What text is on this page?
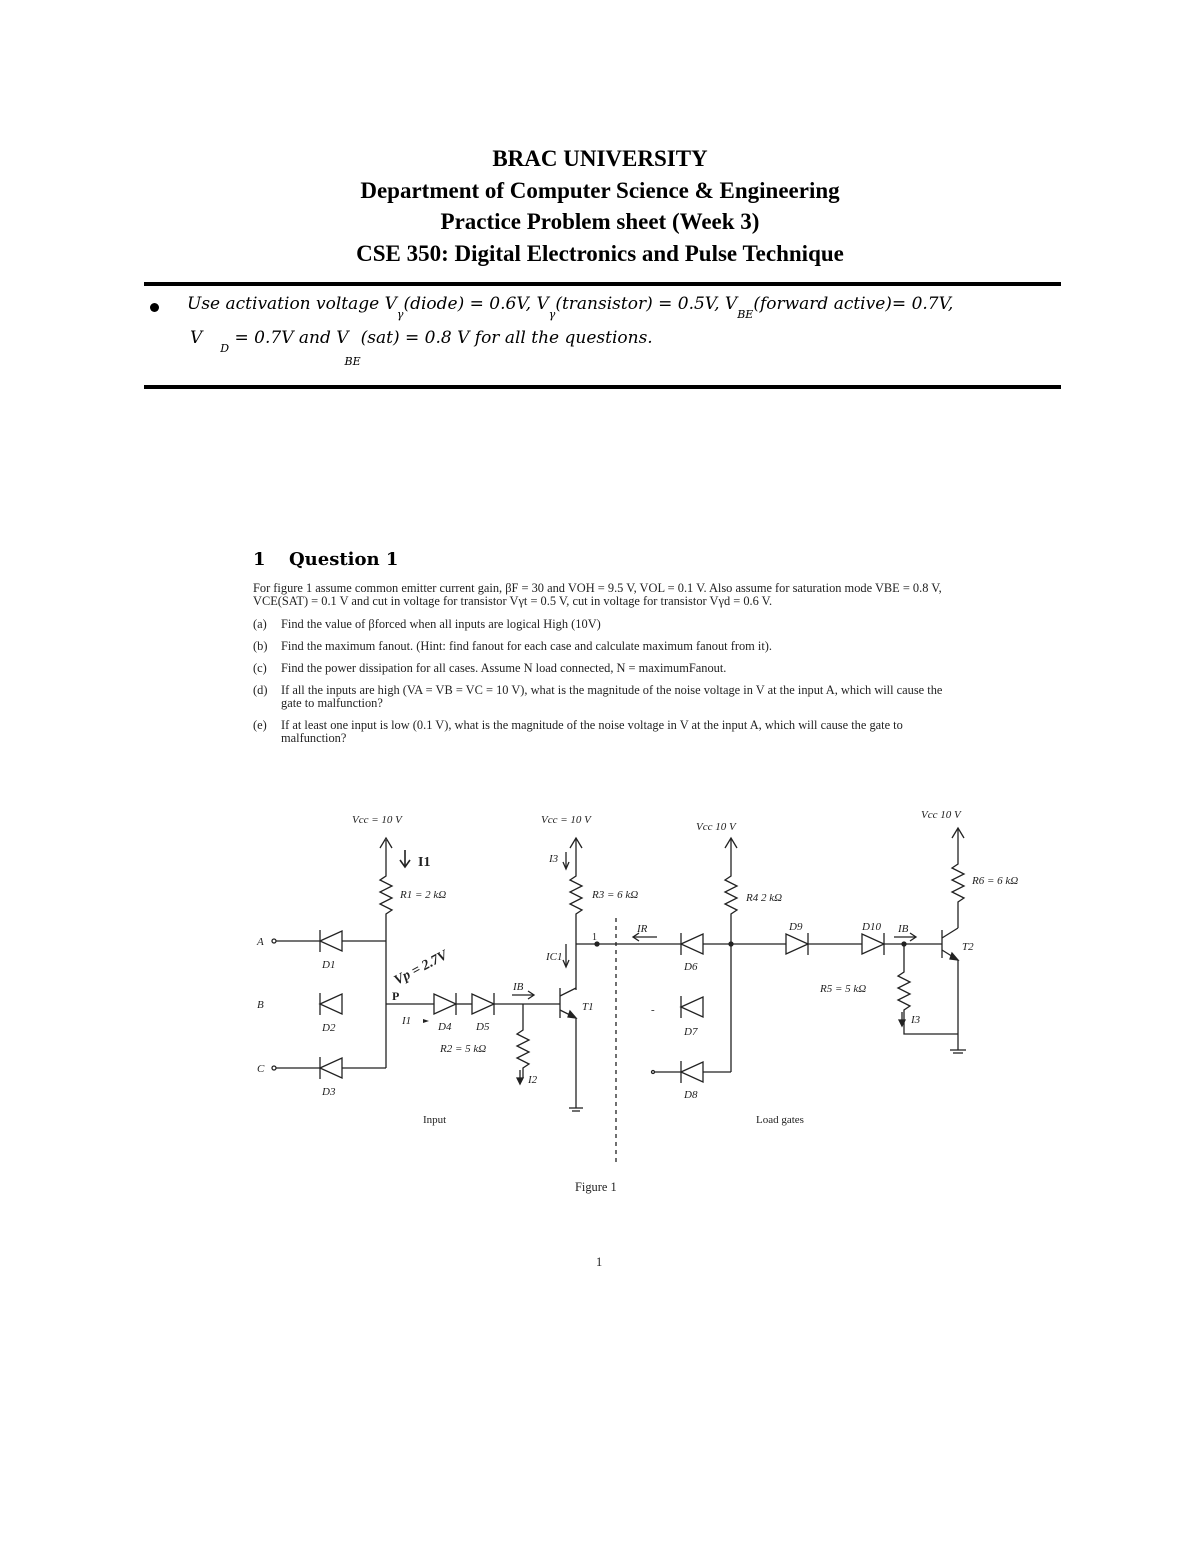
BRAC UNIVERSITY
Department of Computer Science & Engineering
Practice Problem sheet (Week 3)
CSE 350: Digital Electronics and Pulse Technique
Use activation voltage $V_\gamma(diode) = 0.6V$, $V_\gamma(transistor) = 0.5V$, $V_{BE}(forward$ active)= 0.7V,
$V_D = 0.7V$ and $V_{BE}(sat) = 0.8$ V for all the questions.
1 Question 1

For figure 1 assume common emitter current gain, βF = 30 and VOH = 9.5 V, VOL = 0.1 V. Also assume for saturation mode VBE = 0.8 V, VCE(SAT) = 0.1 V and cut in voltage for transistor Vγt = 0.5 V, cut in voltage for transistor Vγd = 0.6 V.

(a) Find the value of βforced when all inputs are logical High (10V)
(b) Find the maximum fanout. (Hint: find fanout for each case and calculate maximum fanout from it).
(c) Find the power dissipation for all cases. Assume N load connected, N = maximumFanout.
(d) If all the inputs are high (VA = VB = VC = 10 V), what is the magnitude of the noise voltage in V at the input A, which will cause the gate to malfunction?
(e) If at least one input is low (0.1 V), what is the magnitude of the noise voltage in V at the input A, which will cause the gate to malfunction?
Vcc = 10 V
I1
R1 = 2 kΩ
A
D1
B
D2
C
D3
P
Vp = 2.7V
I1 D4 D5
IB
R2 = 5 kΩ
I2
Vcc = 10 V
I3
R3 = 6 kΩ
IC1
T1
1
IR
Vcc 10 V
R4 2 kΩ
D6
-
D7
D8
D9	D10 IB
R5 = 5 kΩ
I3
Vcc 10 V
R6 = 6 kΩ
T2
Input	Load gates
Figure 1
1
